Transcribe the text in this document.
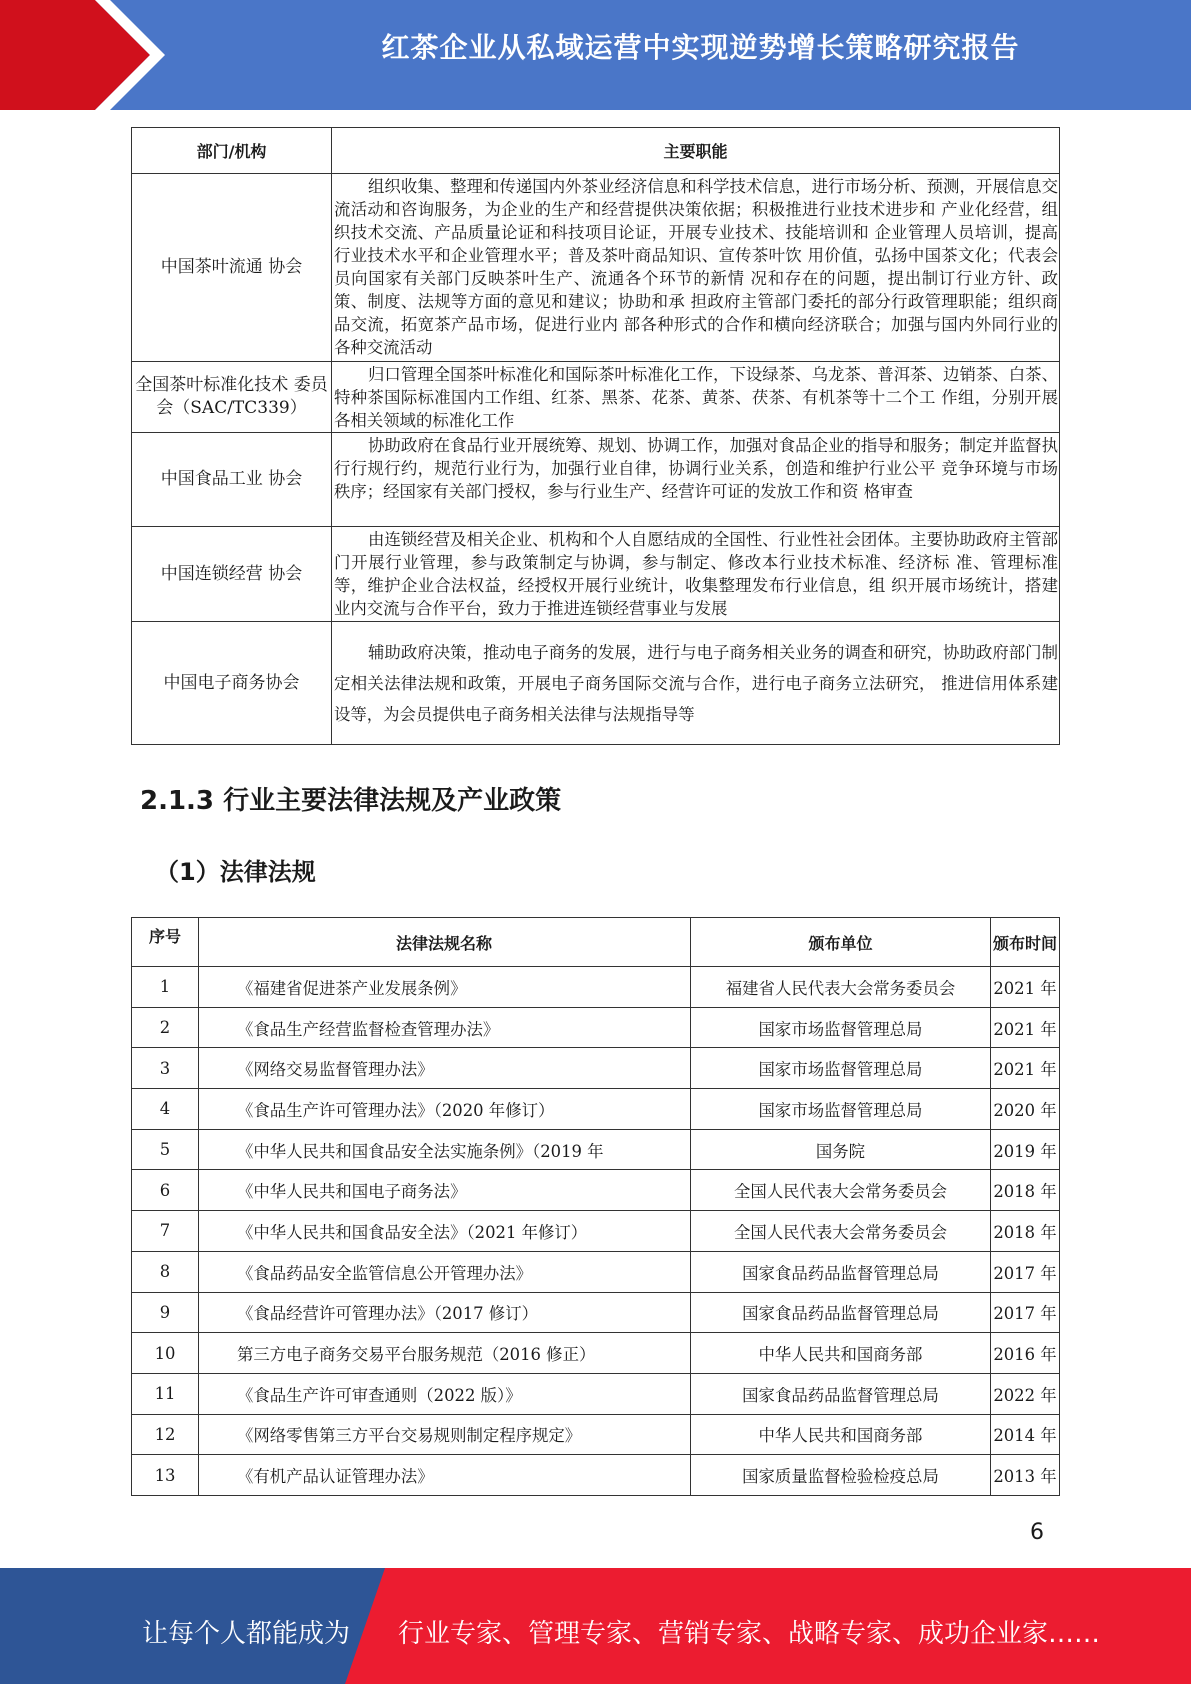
红茶企业从私域运营中实现逆势增长策略研究报告
部门/机构	主要职能
中国茶叶流通 协会	组织收集、整理和传递国内外茶业经济信息和科学技术信息，进行市场分析、预测，开展信息交流活动和咨询服务，为企业的生产和经营提供决策依据；积极推进行业技术进步和 产业化经营，组织技术交流、产品质量论证和科技项目论证，开展专业技术、技能培训和 企业管理人员培训，提高行业技术水平和企业管理水平；普及茶叶商品知识、宣传茶叶饮 用价值，弘扬中国茶文化；代表会员向国家有关部门反映茶叶生产、流通各个环节的新情 况和存在的问题，提出制订行业方针、政策、制度、法规等方面的意见和建议；协助和承 担政府主管部门委托的部分行政管理职能；组织商品交流，拓宽茶产品市场，促进行业内 部各种形式的合作和横向经济联合；加强与国内外同行业的各种交流活动

全国茶叶标准化技术 委员会（SAC/TC339）	归口管理全国茶叶标准化和国际茶叶标准化工作，下设绿茶、乌龙茶、普洱茶、边销茶、白茶、特种茶国际标准国内工作组、红茶、黑茶、花茶、黄茶、茯茶、有机茶等十二个工 作组，分别开展各相关领域的标准化工作

中国食品工业 协会	协助政府在食品行业开展统筹、规划、协调工作，加强对食品企业的指导和服务；制定并监督执行行规行约，规范行业行为，加强行业自律，协调行业关系，创造和维护行业公平 竞争环境与市场秩序；经国家有关部门授权，参与行业生产、经营许可证的发放工作和资 格审查

中国连锁经营 协会	由连锁经营及相关企业、机构和个人自愿结成的全国性、行业性社会团体。主要协助政府主管部门开展行业管理，参与政策制定与协调，参与制定、修改本行业技术标准、经济标 准、管理标准等，维护企业合法权益，经授权开展行业统计，收集整理发布行业信息，组 织开展市场统计，搭建业内交流与合作平台，致力于推进连锁经营事业与发展

中国电子商务协会	辅助政府决策，推动电子商务的发展，进行与电子商务相关业务的调查和研究，协助政府部门制定相关法律法规和政策，开展电子商务国际交流与合作，进行电子商务立法研究， 推进信用体系建设等，为会员提供电子商务相关法律与法规指导等
2.1.3 行业主要法律法规及产业政策
（1）法律法规
序号	法律法规名称	颁布单位	颁布时间
1	《福建省促进茶产业发展条例》	福建省人民代表大会常务委员会	2021 年
2	《食品生产经营监督检查管理办法》	国家市场监督管理总局	2021 年
3	《网络交易监督管理办法》	国家市场监督管理总局	2021 年
4	《食品生产许可管理办法》（2020 年修订）	国家市场监督管理总局	2020 年
5	《中华人民共和国食品安全法实施条例》（2019 年	国务院	2019 年
6	《中华人民共和国电子商务法》	全国人民代表大会常务委员会	2018 年
7	《中华人民共和国食品安全法》（2021 年修订）	全国人民代表大会常务委员会	2018 年
8	《食品药品安全监管信息公开管理办法》	国家食品药品监督管理总局	2017 年
9	《食品经营许可管理办法》（2017 修订）	国家食品药品监督管理总局	2017 年
10	第三方电子商务交易平台服务规范（2016 修正）	中华人民共和国商务部	2016 年
11	《食品生产许可审查通则（2022 版）》	国家食品药品监督管理总局	2022 年
12	《网络零售第三方平台交易规则制定程序规定》	中华人民共和国商务部	2014 年
13	《有机产品认证管理办法》	国家质量监督检验检疫总局	2013 年
6
让每个人都能成为 行业专家、管理专家、营销专家、战略专家、成功企业家……
